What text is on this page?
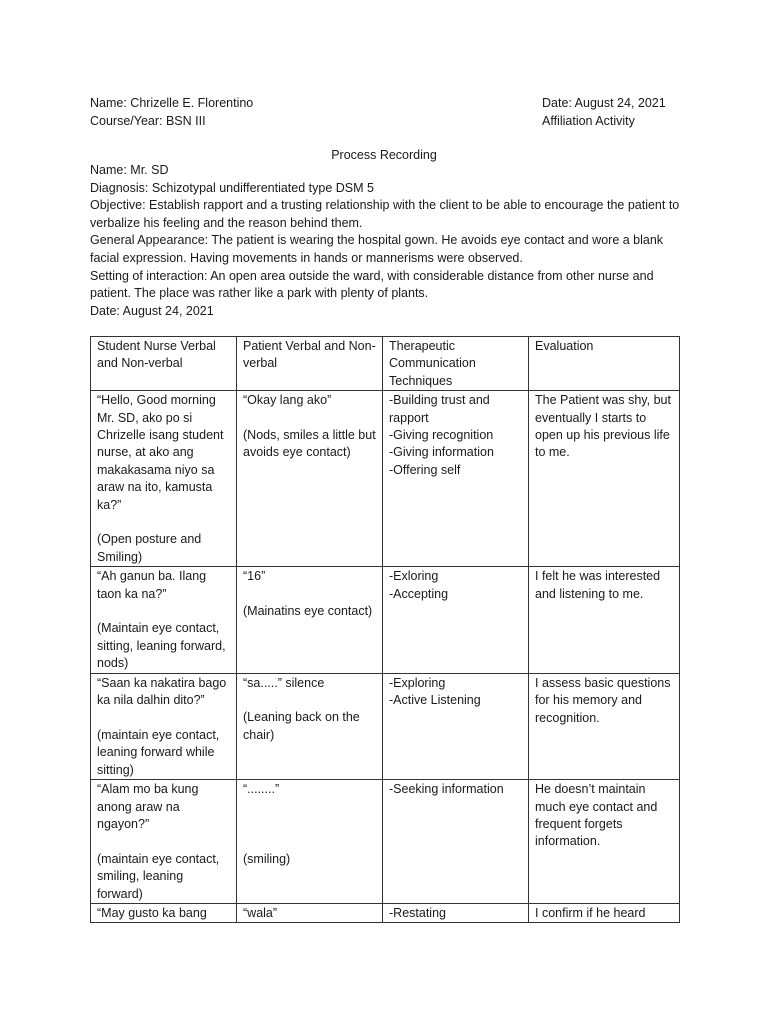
Name: Chrizelle E. Florentino
Course/Year: BSN III
Date: August 24, 2021
Affiliation Activity
Process Recording

Name: Mr. SD

Diagnosis: Schizotypal undifferentiated type DSM 5

Objective: Establish rapport and a trusting relationship with the client to be able to encourage the patient to verbalize his feeling and the reason behind them.

General Appearance: The patient is wearing the hospital gown. He avoids eye contact and wore a blank facial expression. Having movements in hands or mannerisms were observed.

Setting of interaction: An open area outside the ward, with considerable distance from other nurse and patient. The place was rather like a park with plenty of plants.

Date: August 24, 2021

Student Nurse Verbal and Non-verbal	Patient Verbal and Non-verbal	Therapeutic Communication Techniques	Evaluation

“Hello, Good morning Mr. SD, ako po si Chrizelle isang student nurse, at ako ang makakasama niyo sa araw na ito, kamusta ka?”
(Open posture and Smiling)	“Okay lang ako”
(Nods, smiles a little but avoids eye contact)	-Building trust and rapport
-Giving recognition
-Giving information
-Offering self	The Patient was shy, but eventually I starts to open up his previous life to me.

“Ah ganun ba. Ilang taon ka na?”
(Maintain eye contact, sitting, leaning forward, nods)	“16”
(Mainatins eye contact)	-Exloring
-Accepting	I felt he was interested and listening to me.

“Saan ka nakatira bago ka nila dalhin dito?”
(maintain eye contact, leaning forward while sitting)	“sa.....” silence
(Leaning back on the chair)	-Exploring
-Active Listening	I assess basic questions for his memory and recognition.

“Alam mo ba kung anong araw na ngayon?”
(maintain eye contact, smiling, leaning forward)	“........”
(smiling)	-Seeking information	He doesn’t maintain much eye contact and frequent forgets information.
“May gusto ka bang	“wala”	-Restating	I confirm if he heard
